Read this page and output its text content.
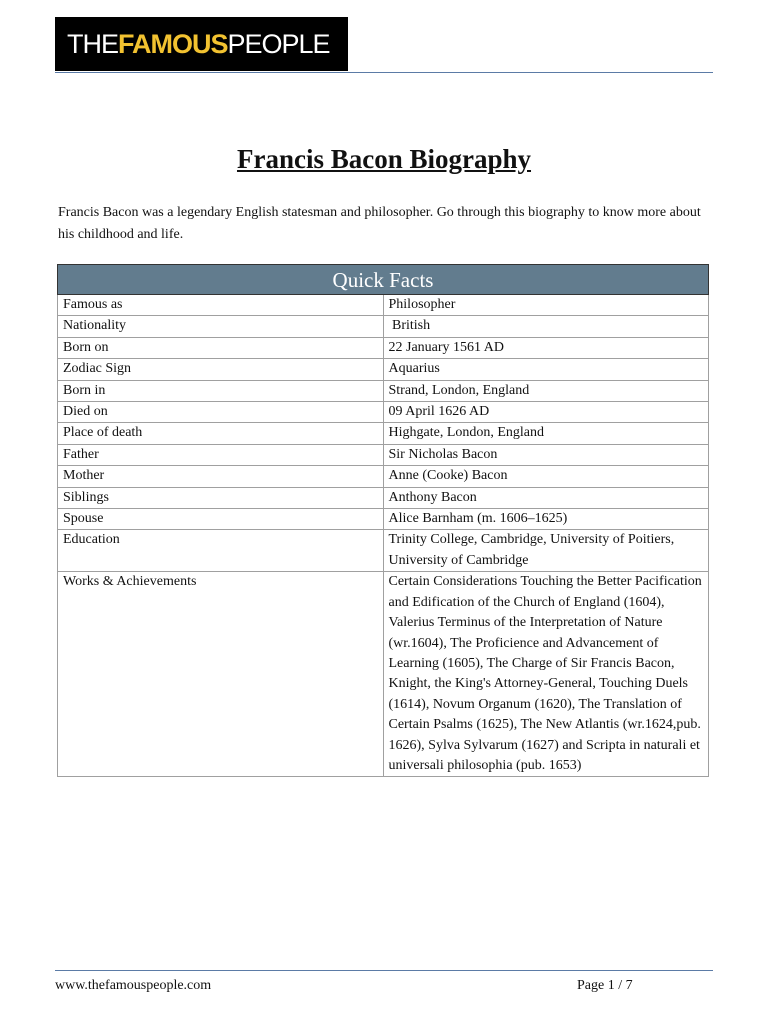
THE FAMOUS PEOPLE
Francis Bacon Biography

Francis Bacon was a legendary English statesman and philosopher. Go through this biography to know more about his childhood and life.

Quick Facts	
Famous as	Philosopher
Nationality	British
Born on	22 January 1561 AD
Zodiac Sign	Aquarius
Born in	Strand, London, England
Died on	09 April 1626 AD
Place of death	Highgate, London, England
Father	Sir Nicholas Bacon
Mother	Anne (Cooke) Bacon
Siblings	Anthony Bacon
Spouse	Alice Barnham (m. 1606–1625)
Education	Trinity College, Cambridge, University of Poitiers, University of Cambridge
Works & Achievements	Certain Considerations Touching the Better Pacification and Edification of the Church of England (1604), Valerius Terminus of the Interpretation of Nature (wr.1604), The Proficience and Advancement of Learning (1605), The Charge of Sir Francis Bacon, Knight, the King's Attorney-General, Touching Duels (1614), Novum Organum (1620), The Translation of Certain Psalms (1625), The New Atlantis (wr.1624,pub. 1626), Sylva Sylvarum (1627) and Scripta in naturali et universali philosophia (pub. 1653)
www.thefamouspeople.com	Page 1 / 7
